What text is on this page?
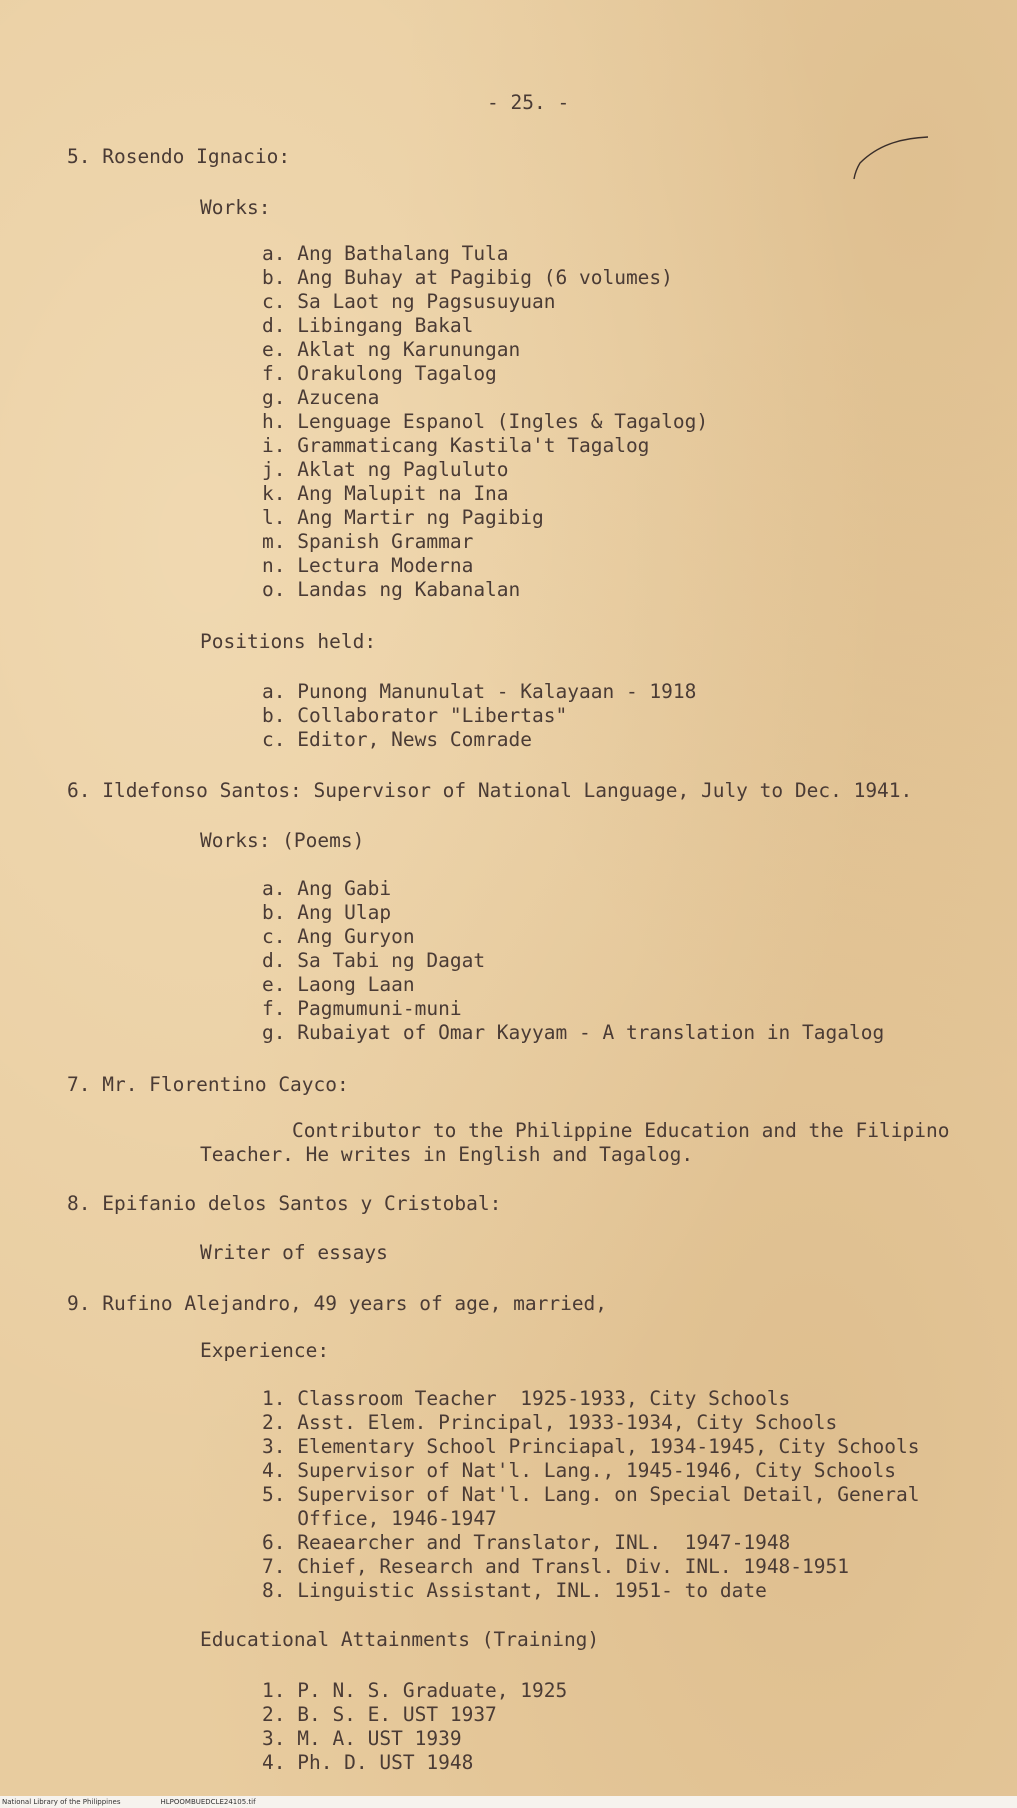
- 25. -
5. Rosendo Ignacio:
Works:
a. Ang Bathalang Tula
b. Ang Buhay at Pagibig (6 volumes)
c. Sa Laot ng Pagsusuyuan
d. Libingang Bakal
e. Aklat ng Karunungan
f. Orakulong Tagalog
g. Azucena
h. Lenguage Espanol (Ingles & Tagalog)
i. Grammaticang Kastila't Tagalog
j. Aklat ng Pagluluto
k. Ang Malupit na Ina
l. Ang Martir ng Pagibig
m. Spanish Grammar
n. Lectura Moderna
o. Landas ng Kabanalan
Positions held:
a. Punong Manunulat - Kalayaan - 1918
b. Collaborator "Libertas"
c. Editor, News Comrade
6. Ildefonso Santos: Supervisor of National Language, July to Dec. 1941.
Works: (Poems)
a. Ang Gabi
b. Ang Ulap
c. Ang Guryon
d. Sa Tabi ng Dagat
e. Laong Laan
f. Pagmumuni-muni
g. Rubaiyat of Omar Kayyam - A translation in Tagalog
7. Mr. Florentino Cayco:
Contributor to the Philippine Education and the Filipino
Teacher. He writes in English and Tagalog.
8. Epifanio delos Santos y Cristobal:
Writer of essays
9. Rufino Alejandro, 49 years of age, married,
Experience:
1. Classroom Teacher  1925-1933, City Schools
2. Asst. Elem. Principal, 1933-1934, City Schools
3. Elementary School Princiapal, 1934-1945, City Schools
4. Supervisor of Nat'l. Lang., 1945-1946, City Schools
5. Supervisor of Nat'l. Lang. on Special Detail, General
Office, 1946-1947
6. Reaearcher and Translator, INL.  1947-1948
7. Chief, Research and Transl. Div. INL. 1948-1951
8. Linguistic Assistant, INL. 1951- to date
Educational Attainments (Training)
1. P. N. S. Graduate, 1925
2. B. S. E. UST 1937
3. M. A. UST 1939
4. Ph. D. UST 1948
National Library of the Philippines	HLPOOMBUEDCLE24105.tif
